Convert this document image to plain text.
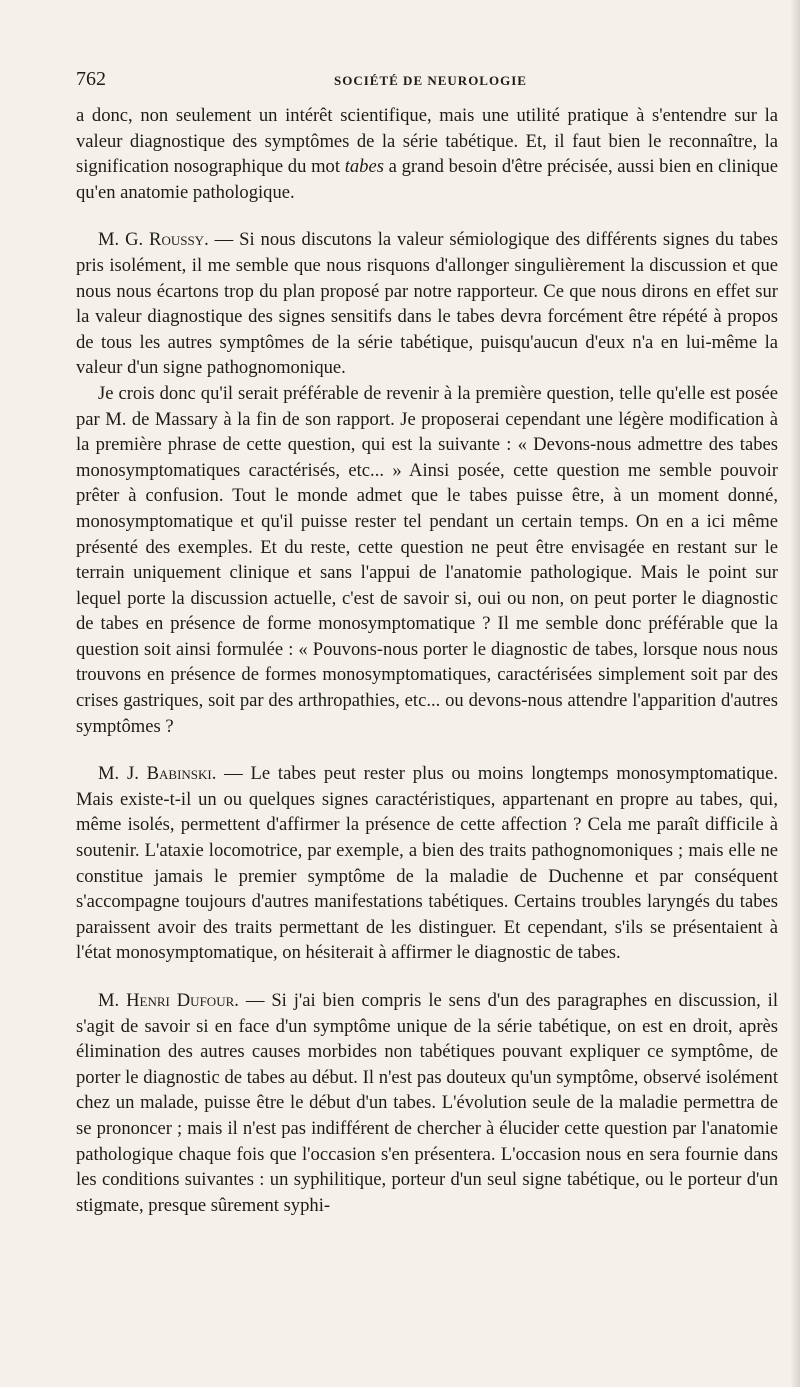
762	SOCIÉTÉ DE NEUROLOGIE

a donc, non seulement un intérêt scientifique, mais une utilité pratique à s'entendre sur la valeur diagnostique des symptômes de la série tabétique. Et, il faut bien le reconnaître, la signification nosographique du mot tabes a grand besoin d'être précisée, aussi bien en clinique qu'en anatomie pathologique.

M. G. Roussy. — Si nous discutons la valeur sémiologique des différents signes du tabes pris isolément, il me semble que nous risquons d'allonger singulièrement la discussion et que nous nous écartons trop du plan proposé par notre rapporteur. Ce que nous dirons en effet sur la valeur diagnostique des signes sensitifs dans le tabes devra forcément être répété à propos de tous les autres symptômes de la série tabétique, puisqu'aucun d'eux n'a en lui-même la valeur d'un signe pathognomonique.

Je crois donc qu'il serait préférable de revenir à la première question, telle qu'elle est posée par M. de Massary à la fin de son rapport. Je proposerai cependant une légère modification à la première phrase de cette question, qui est la suivante : « Devons-nous admettre des tabes monosymptomatiques caractérisés, etc... » Ainsi posée, cette question me semble pouvoir prêter à confusion. Tout le monde admet que le tabes puisse être, à un moment donné, monosymptomatique et qu'il puisse rester tel pendant un certain temps. On en a ici même présenté des exemples. Et du reste, cette question ne peut être envisagée en restant sur le terrain uniquement clinique et sans l'appui de l'anatomie pathologique. Mais le point sur lequel porte la discussion actuelle, c'est de savoir si, oui ou non, on peut porter le diagnostic de tabes en présence de forme monosymptomatique ? Il me semble donc préférable que la question soit ainsi formulée : « Pouvons-nous porter le diagnostic de tabes, lorsque nous nous trouvons en présence de formes monosymptomatiques, caractérisées simplement soit par des crises gastriques, soit par des arthropathies, etc... ou devons-nous attendre l'apparition d'autres symptômes ?

M. J. Babinski. — Le tabes peut rester plus ou moins longtemps monosymptomatique. Mais existe-t-il un ou quelques signes caractéristiques, appartenant en propre au tabes, qui, même isolés, permettent d'affirmer la présence de cette affection ? Cela me paraît difficile à soutenir. L'ataxie locomotrice, par exemple, a bien des traits pathognomoniques ; mais elle ne constitue jamais le premier symptôme de la maladie de Duchenne et par conséquent s'accompagne toujours d'autres manifestations tabétiques. Certains troubles laryngés du tabes paraissent avoir des traits permettant de les distinguer. Et cependant, s'ils se présentaient à l'état monosymptomatique, on hésiterait à affirmer le diagnostic de tabes.

M. Henri Dufour. — Si j'ai bien compris le sens d'un des paragraphes en discussion, il s'agit de savoir si en face d'un symptôme unique de la série tabétique, on est en droit, après élimination des autres causes morbides non tabétiques pouvant expliquer ce symptôme, de porter le diagnostic de tabes au début. Il n'est pas douteux qu'un symptôme, observé isolément chez un malade, puisse être le début d'un tabes. L'évolution seule de la maladie permettra de se prononcer ; mais il n'est pas indifférent de chercher à élucider cette question par l'anatomie pathologique chaque fois que l'occasion s'en présentera. L'occasion nous en sera fournie dans les conditions suivantes : un syphilitique, porteur d'un seul signe tabétique, ou le porteur d'un stigmate, presque sûrement syphi-
